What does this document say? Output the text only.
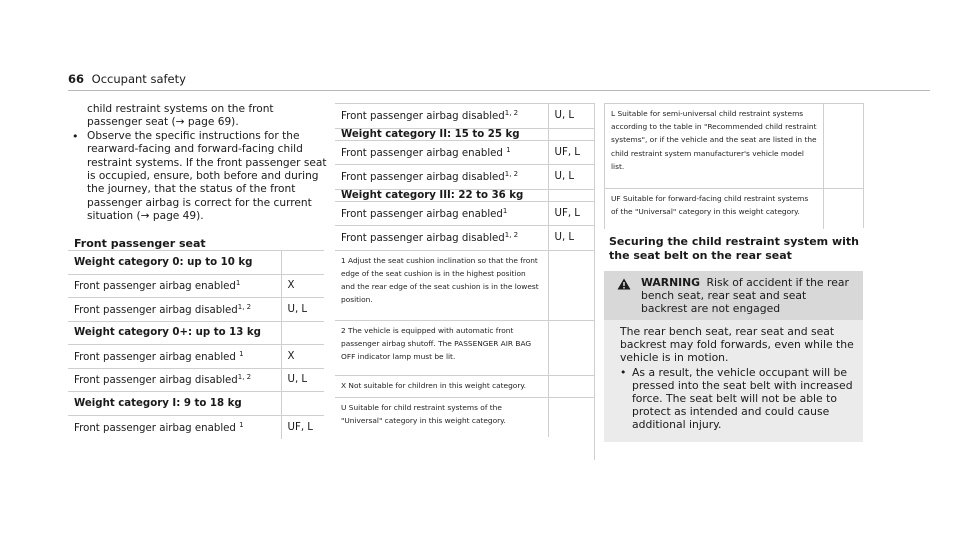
66 Occupant safety

child restraint systems on the front passenger seat (→ page 69).

• Observe the specific instructions for the rearward-facing and forward-facing child restraint systems. If the front passenger seat is occupied, ensure, both before and during the journey, that the status of the front passenger airbag is correct for the current situation (→ page 49).

Front passenger seat
Weight category 0: up to 10 kg	
Front passenger airbag enabled$^1$	X
Front passenger airbag disabled$^{1, 2}$	U, L
Weight category 0+: up to 13 kg	
Front passenger airbag enabled $^1$	X
Front passenger airbag disabled$^{1, 2}$	U, L
Weight category I: 9 to 18 kg	
Front passenger airbag enabled $^1$	UF, L
Front passenger airbag disabled$^{1, 2}$	U, L
Weight category II: 15 to 25 kg	
Front passenger airbag enabled $^1$	UF, L
Front passenger airbag disabled$^{1, 2}$	U, L
Weight category III: 22 to 36 kg	
Front passenger airbag enabled$^1$	UF, L
Front passenger airbag disabled$^{1, 2}$	U, L
1 Adjust the seat cushion inclination so that the front edge of the seat cushion is in the highest position and the rear edge of the seat cushion is in the lowest position.	
2 The vehicle is equipped with automatic front passenger airbag shutoff. The PASSENGER AIR BAG OFF indicator lamp must be lit.	
X Not suitable for children in this weight category.	
U Suitable for child restraint systems of the "Universal" category in this weight category.	
L Suitable for semi-universal child restraint systems according to the table in "Recommended child restraint systems", or if the vehicle and the seat are listed in the child restraint system manufacturer's vehicle model list.	
UF Suitable for forward-facing child restraint systems of the "Universal" category in this weight category.	
Securing the child restraint system with the seat belt on the rear seat
WARNING Risk of accident if the rear bench seat, rear seat and seat backrest are not engaged

The rear bench seat, rear seat and seat backrest may fold forwards, even while the vehicle is in motion.

• As a result, the vehicle occupant will be pressed into the seat belt with increased force. The seat belt will not be able to protect as intended and could cause additional injury.
